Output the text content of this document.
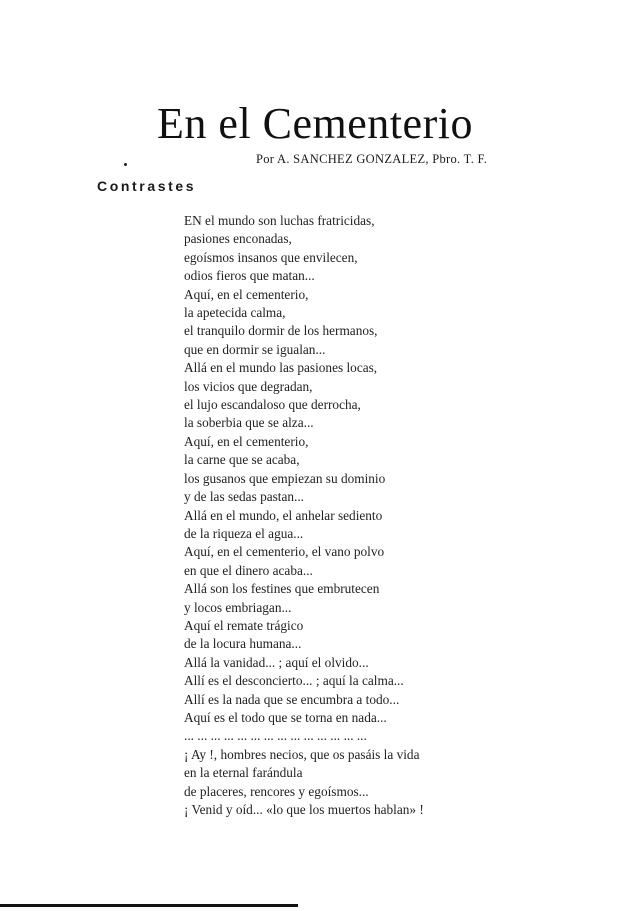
En el Cementerio
Por A. SANCHEZ GONZALEZ, Pbro. T. F.
Contrastes
EN el mundo son luchas fratricidas,
pasiones enconadas,
egoísmos insanos que envilecen,
odios fieros que matan...
Aquí, en el cementerio,
la apetecida calma,
el tranquilo dormir de los hermanos,
que en dormir se igualan...
Allá en el mundo las pasiones locas,
los vicios que degradan,
el lujo escandaloso que derrocha,
la soberbia que se alza...
Aquí, en el cementerio,
la carne que se acaba,
los gusanos que empiezan su dominio
y de las sedas pastan...
Allá en el mundo, el anhelar sediento
de la riqueza el agua...
Aquí, en el cementerio, el vano polvo
en que el dinero acaba...
Allá son los festines que embrutecen
y locos embriagan...
Aquí el remate trágico
de la locura humana...
Allá la vanidad... ; aquí el olvido...
Allí es el desconcierto... ; aquí la calma...
Allí es la nada que se encumbra a todo...
Aquí es el todo que se torna en nada...
... ... ... ... ... ... ... ... ... ... ... ... ... ...
¡ Ay !, hombres necios, que os pasáis la vida
en la eternal farándula
de placeres, rencores y egoísmos...
¡ Venid y oíd... «lo que los muertos hablan» !
